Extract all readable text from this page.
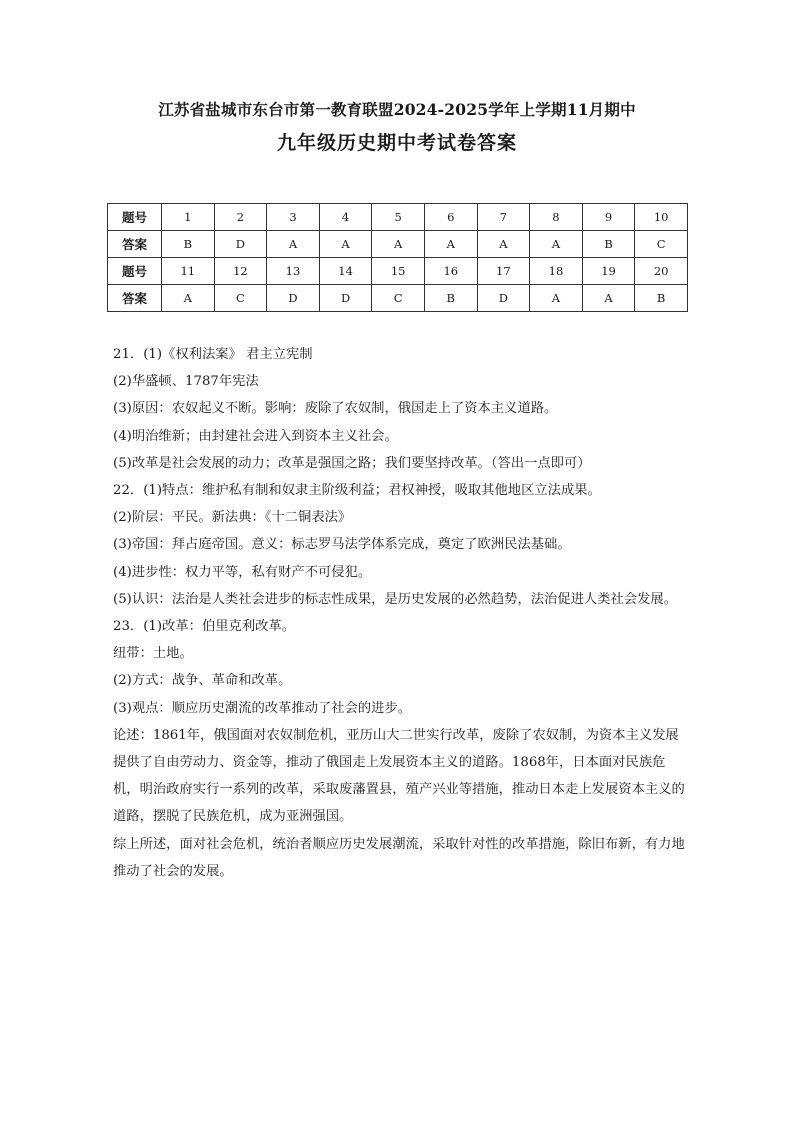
江苏省盐城市东台市第一教育联盟2024-2025学年上学期11月期中
九年级历史期中考试卷答案
题号	1	2	3	4	5	6	7	8	9	10
答案	B	D	A	A	A	A	A	A	B	C
题号	11	12	13	14	15	16	17	18	19	20
答案	A	C	D	D	C	B	D	A	A	B

21．(1)《权利法案》 君主立宪制

(2)华盛顿、1787年宪法

(3)原因：农奴起义不断。影响：废除了农奴制，俄国走上了资本主义道路。

(4)明治维新；由封建社会进入到资本主义社会。

(5)改革是社会发展的动力；改革是强国之路；我们要坚持改革。（答出一点即可）

22．(1)特点：维护私有制和奴隶主阶级利益；君权神授，吸取其他地区立法成果。

(2)阶层：平民。新法典：《十二铜表法》

(3)帝国：拜占庭帝国。意义：标志罗马法学体系完成，奠定了欧洲民法基础。

(4)进步性：权力平等，私有财产不可侵犯。

(5)认识：法治是人类社会进步的标志性成果，是历史发展的必然趋势，法治促进人类社会发展。

23．(1)改革：伯里克利改革。

纽带：土地。

(2)方式：战争、革命和改革。

(3)观点：顺应历史潮流的改革推动了社会的进步。

论述：1861年，俄国面对农奴制危机，亚历山大二世实行改革，废除了农奴制，为资本主义发展提供了自由劳动力、资金等，推动了俄国走上发展资本主义的道路。1868年，日本面对民族危机，明治政府实行一系列的改革，采取废藩置县，殖产兴业等措施，推动日本走上发展资本主义的道路，摆脱了民族危机，成为亚洲强国。

综上所述，面对社会危机，统治者顺应历史发展潮流，采取针对性的改革措施，除旧布新，有力地推动了社会的发展。
